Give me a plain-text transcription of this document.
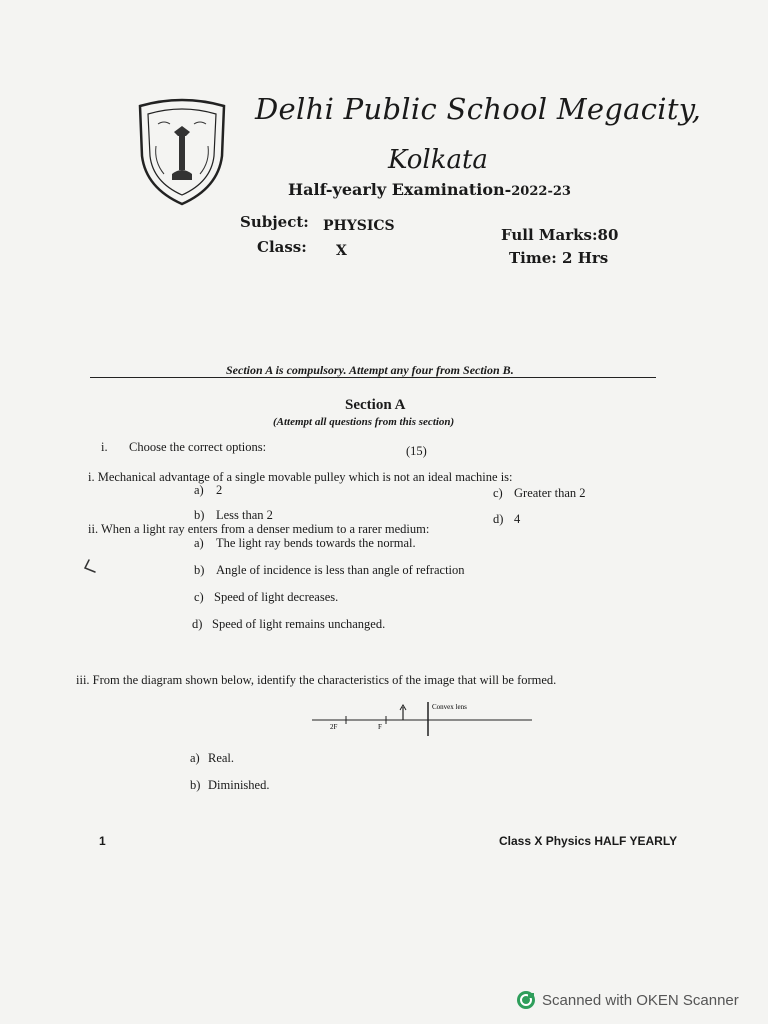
Delhi Public School Megacity,
Kolkata
Half-yearly Examination-2022-23
Subject: PHYSICS
Class: X
Full Marks:80
Time: 2 Hrs
Section A is compulsory. Attempt any four from Section B.
Section A
(Attempt all questions from this section)
i. Choose the correct options:	(15)
i. Mechanical advantage of a single movable pulley which is not an ideal machine is:
a) 2
b) Less than 2
c) Greater than 2
d) 4
ii. When a light ray enters from a denser medium to a rarer medium:
a) The light ray bends towards the normal.
b) Angle of incidence is less than angle of refraction
c) Speed of light decreases.
d) Speed of light remains unchanged.
iii. From the diagram shown below, identify the characteristics of the image that will be formed.
Convex lens
2F	F
a) Real.
b) Diminished.
1	Class X Physics HALF YEARLY
Scanned with OKEN Scanner
